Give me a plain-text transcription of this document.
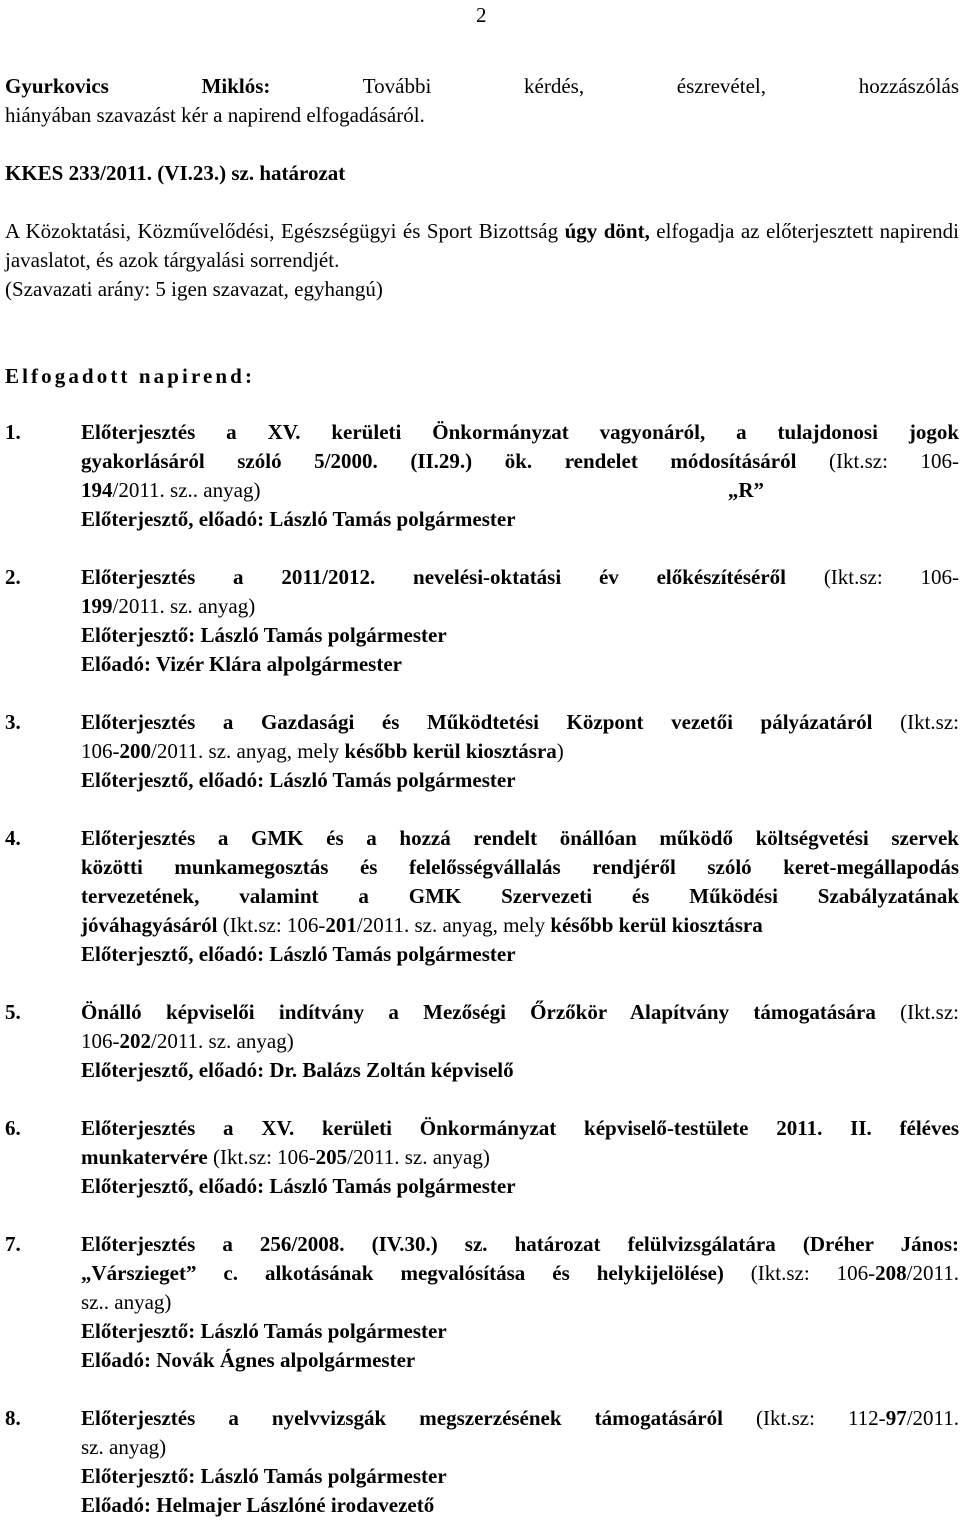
2

Gyurkovics Miklós:	További kérdés, észrevétel, hozzászólás

hiányában szavazást kér a napirend elfogadásáról.

KKES 233/2011. (VI.23.) sz. határozat

A Közoktatási, Közművelődési, Egészségügyi és Sport Bizottság úgy dönt, elfogadja az előterjesztett napirendi javaslatot, és azok tárgyalási sorrendjét.

(Szavazati arány: 5 igen szavazat, egyhangú)

Elfogadott napirend:

1.	Előterjesztés a XV. kerületi Önkormányzat vagyonáról, a tulajdonosi jogok

gyakorlásáról szóló 5/2000. (II.29.) ök. rendelet módosításáról (Ikt.sz: 106-

194/2011. sz.. anyag)	„R”

Előterjesztő, előadó: László Tamás polgármester

2.	Előterjesztés a 2011/2012. nevelési-oktatási év előkészítéséről (Ikt.sz: 106-

199/2011. sz. anyag)

Előterjesztő: László Tamás polgármester

Előadó: Vizér Klára alpolgármester

3.	Előterjesztés a Gazdasági és Működtetési Központ vezetői pályázatáról (Ikt.sz:

106-200/2011. sz. anyag, mely később kerül kiosztásra)

Előterjesztő, előadó: László Tamás polgármester

4.	Előterjesztés a GMK és a hozzá rendelt önállóan működő költségvetési szervek

közötti munkamegosztás és felelősségvállalás rendjéről szóló keret-megállapodás

tervezetének, valamint a GMK Szervezeti és Működési Szabályzatának

jóváhagyásáról (Ikt.sz: 106-201/2011. sz. anyag, mely később kerül kiosztásra

Előterjesztő, előadó: László Tamás polgármester

5.	Önálló képviselői indítvány a Mezőségi Őrzőkör Alapítvány támogatására (Ikt.sz:

106-202/2011. sz. anyag)

Előterjesztő, előadó: Dr. Balázs Zoltán képviselő

6.	Előterjesztés a XV. kerületi Önkormányzat képviselő-testülete 2011. II. féléves

munkatervére (Ikt.sz: 106-205/2011. sz. anyag)

Előterjesztő, előadó: László Tamás polgármester

7.	Előterjesztés a 256/2008. (IV.30.) sz. határozat felülvizsgálatára (Dréher János:

„Várszieget” c. alkotásának megvalósítása és helykijelölése) (Ikt.sz: 106-208/2011.

sz.. anyag)

Előterjesztő: László Tamás polgármester

Előadó: Novák Ágnes alpolgármester

8.	Előterjesztés a nyelvvizsgák megszerzésének támogatásáról (Ikt.sz: 112-97/2011.

sz. anyag)

Előterjesztő: László Tamás polgármester

Előadó: Helmajer Lászlóné irodavezető
